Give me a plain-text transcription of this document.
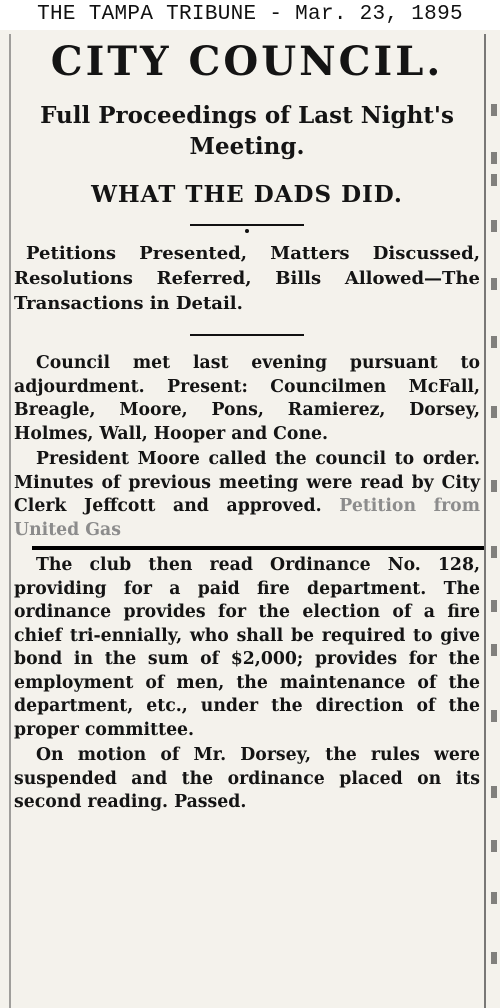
THE TAMPA TRIBUNE - Mar. 23, 1895
CITY COUNCIL.
Full Proceedings of Last Night's Meeting.
WHAT THE DADS DID.
Petitions Presented, Matters Discussed, Resolutions Referred, Bills Allowed—The Transactions in Detail.

Council met last evening pursuant to adjourdment. Present: Councilmen McFall, Breagle, Moore, Pons, Ramierez, Dorsey, Holmes, Wall, Hooper and Cone.

President Moore called the council to order. Minutes of previous meeting were read by City Clerk Jeffcott and approved. Petition from United Gas

The club then read Ordinance No. 128, providing for a paid fire department. The ordinance provides for the election of a fire chief tri-ennially, who shall be required to give bond in the sum of $2,000; provides for the employment of men, the maintenance of the department, etc., under the direction of the proper committee.

On motion of Mr. Dorsey, the rules were suspended and the ordinance placed on its second reading. Passed.
